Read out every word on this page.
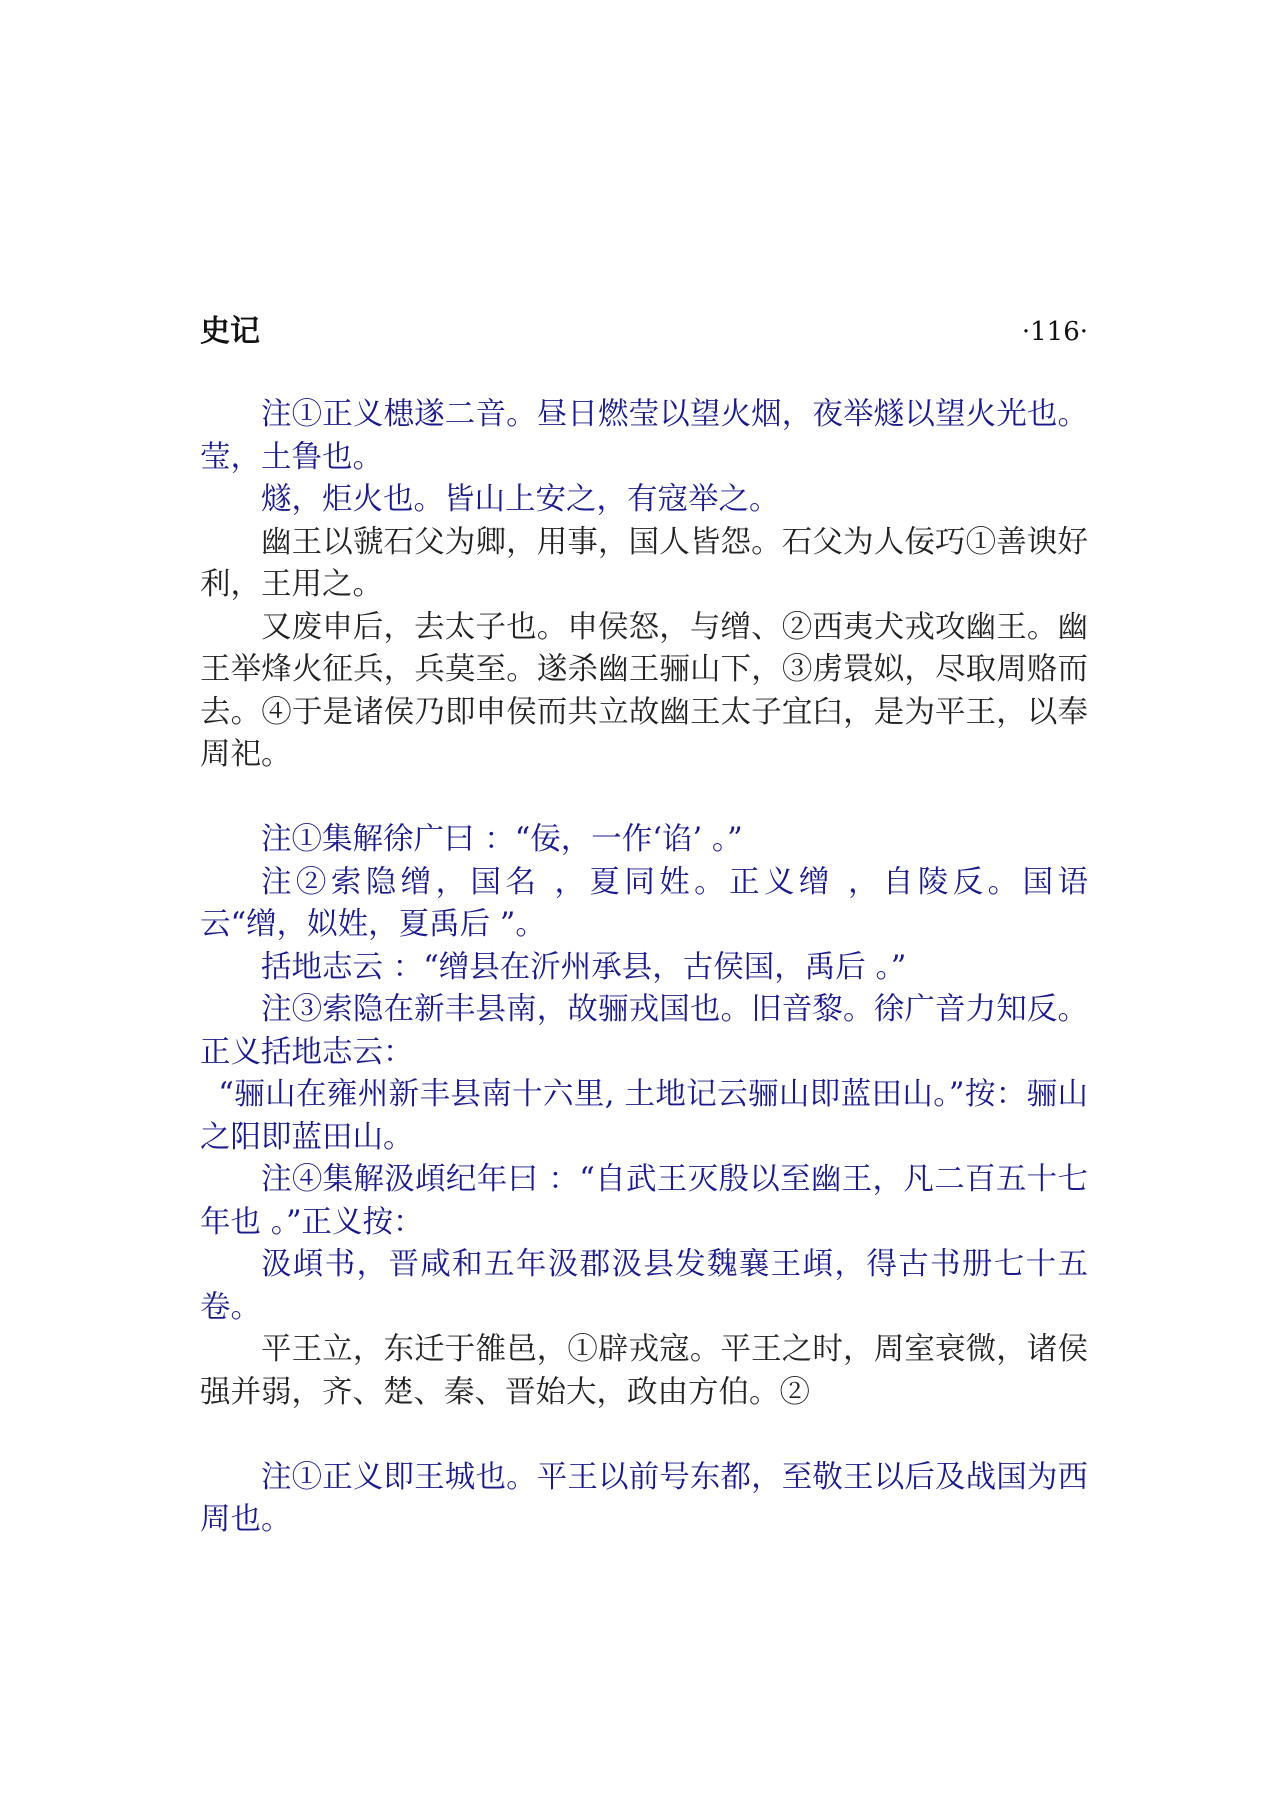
史记	·116·

注①正义槵遂二音。昼日燃莹以望火烟，夜举燧以望火光也。莹，土鲁也。

燧，炬火也。皆山上安之，有寇举之。

幽王以虢石父为卿，用事，国人皆怨。石父为人佞巧①善谀好利，王用之。

又废申后，去太子也。申侯怒，与缯、②西夷犬戎攻幽王。幽王举烽火征兵，兵莫至。遂杀幽王骊山下，③虏睘姒，尽取周赂而去。④于是诸侯乃即申侯而共立故幽王太子宜臼，是为平王，以奉周祀。

注①集解徐广曰 ：“佞，一作‘谄’ 。”

注②索隐缯，国名 ，夏同姓。正义缯 ，自陵反。国语云“缯，姒姓，夏禹后 ”。

括地志云 ：“缯县在沂州承县，古侯国，禹后 。”

注③索隐在新丰县南，故骊戎国也。旧音黎。徐广音力知反。正义括地志云：

“骊山在雍州新丰县南十六里, 土地记云骊山即蓝田山。”按：骊山之阳即蓝田山。

注④集解汲頉纪年曰 ：“自武王灭殷以至幽王，凡二百五十七年也 。”正义按：

汲頉书，晋咸和五年汲郡汲县发魏襄王頉，得古书册七十五卷。

平王立，东迁于雒邑，①辟戎寇。平王之时，周室衰微，诸侯强并弱，齐、楚、秦、晋始大，政由方伯。②

注①正义即王城也。平王以前号东都，至敬王以后及战国为西周也。
